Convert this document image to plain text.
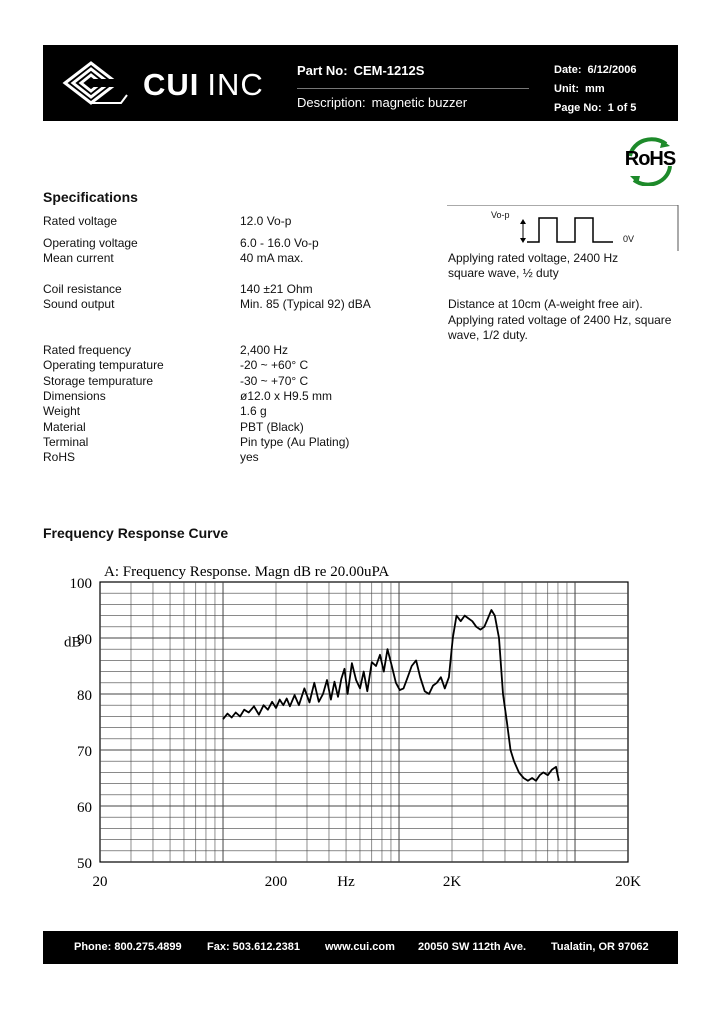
CUI INC	Part No: CEM-1212S
Description: magnetic buzzer
Date: 6/12/2006
Unit: mm
Page No: 1 of 5
RoHS
Specifications
Rated voltage	12.0 Vo-p
Operating voltage	6.0 - 16.0 Vo-p
Mean current	40 mA max.
Coil resistance	140 ±21 Ohm
Sound output	Min. 85 (Typical 92) dBA
Rated frequency	2,400 Hz
Operating tempurature	-20 ~ +60° C
Storage tempurature	-30 ~ +70° C
Dimensions	ø12.0 x H9.5 mm
Weight	1.6 g
Material	PBT (Black)
Terminal	Pin type (Au Plating)
RoHS	yes
Vo-p
0V
Applying rated voltage, 2400 Hz
square wave, ½ duty
Distance at 10cm (A-weight free air).
Applying rated voltage of 2400 Hz, square
wave, 1/2 duty.
Frequency Response Curve
100
90
80
70
60
50
dB
20	200	2K	20K
Hz
A: Frequency Response. Magn dB re 20.00uPA
Phone: 800.275.4899 Fax: 503.612.2381 www.cui.com 20050 SW 112th Ave. Tualatin, OR 97062
